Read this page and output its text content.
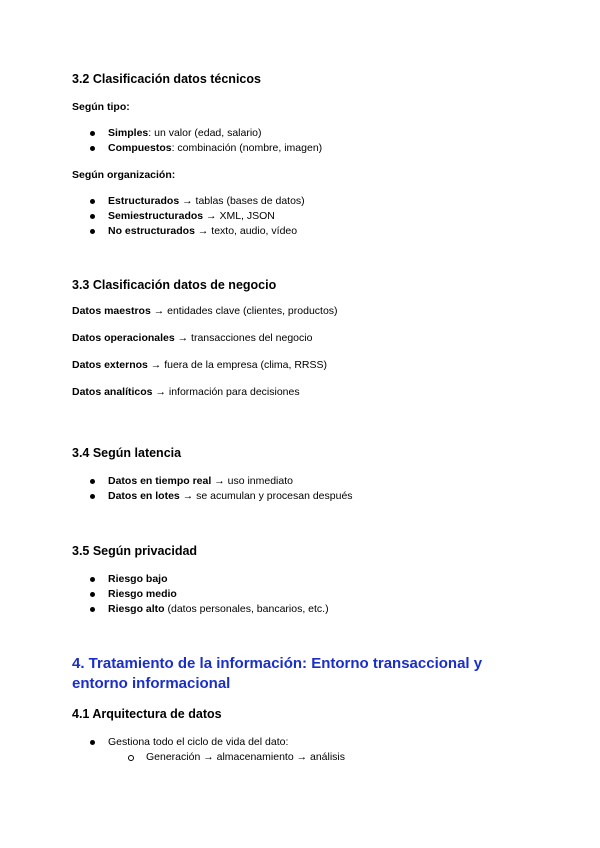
3.2 Clasificación datos técnicos
Según tipo:
Simples: un valor (edad, salario)
Compuestos: combinación (nombre, imagen)
Según organización:
Estructurados → tablas (bases de datos)
Semiestructurados → XML, JSON
No estructurados → texto, audio, vídeo
3.3 Clasificación datos de negocio
Datos maestros → entidades clave (clientes, productos)
Datos operacionales → transacciones del negocio
Datos externos → fuera de la empresa (clima, RRSS)
Datos analíticos → información para decisiones
3.4 Según latencia
Datos en tiempo real → uso inmediato
Datos en lotes → se acumulan y procesan después
3.5 Según privacidad
Riesgo bajo
Riesgo medio
Riesgo alto (datos personales, bancarios, etc.)
4. Tratamiento de la información: Entorno transaccional y entorno informacional
4.1 Arquitectura de datos
Gestiona todo el ciclo de vida del dato:
Generación → almacenamiento → análisis
